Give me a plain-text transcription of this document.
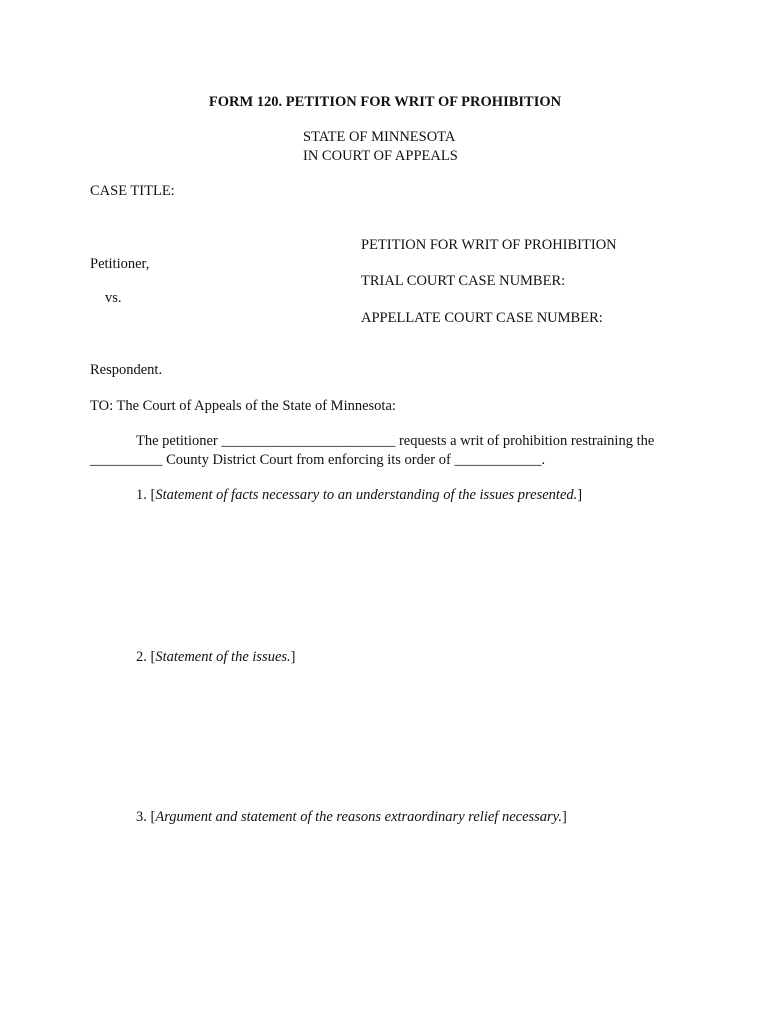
FORM 120. PETITION FOR WRIT OF PROHIBITION
STATE OF MINNESOTA
IN COURT OF APPEALS
CASE TITLE:
PETITION FOR WRIT OF PROHIBITION
Petitioner,
TRIAL COURT CASE NUMBER:
vs.
APPELLATE COURT CASE NUMBER:
Respondent.
TO: The Court of Appeals of the State of Minnesota:
The petitioner ________________________ requests a writ of prohibition restraining the
__________ County District Court from enforcing its order of ____________.
1. [Statement of facts necessary to an understanding of the issues presented.]
2. [Statement of the issues.]
3. [Argument and statement of the reasons extraordinary relief necessary.]
